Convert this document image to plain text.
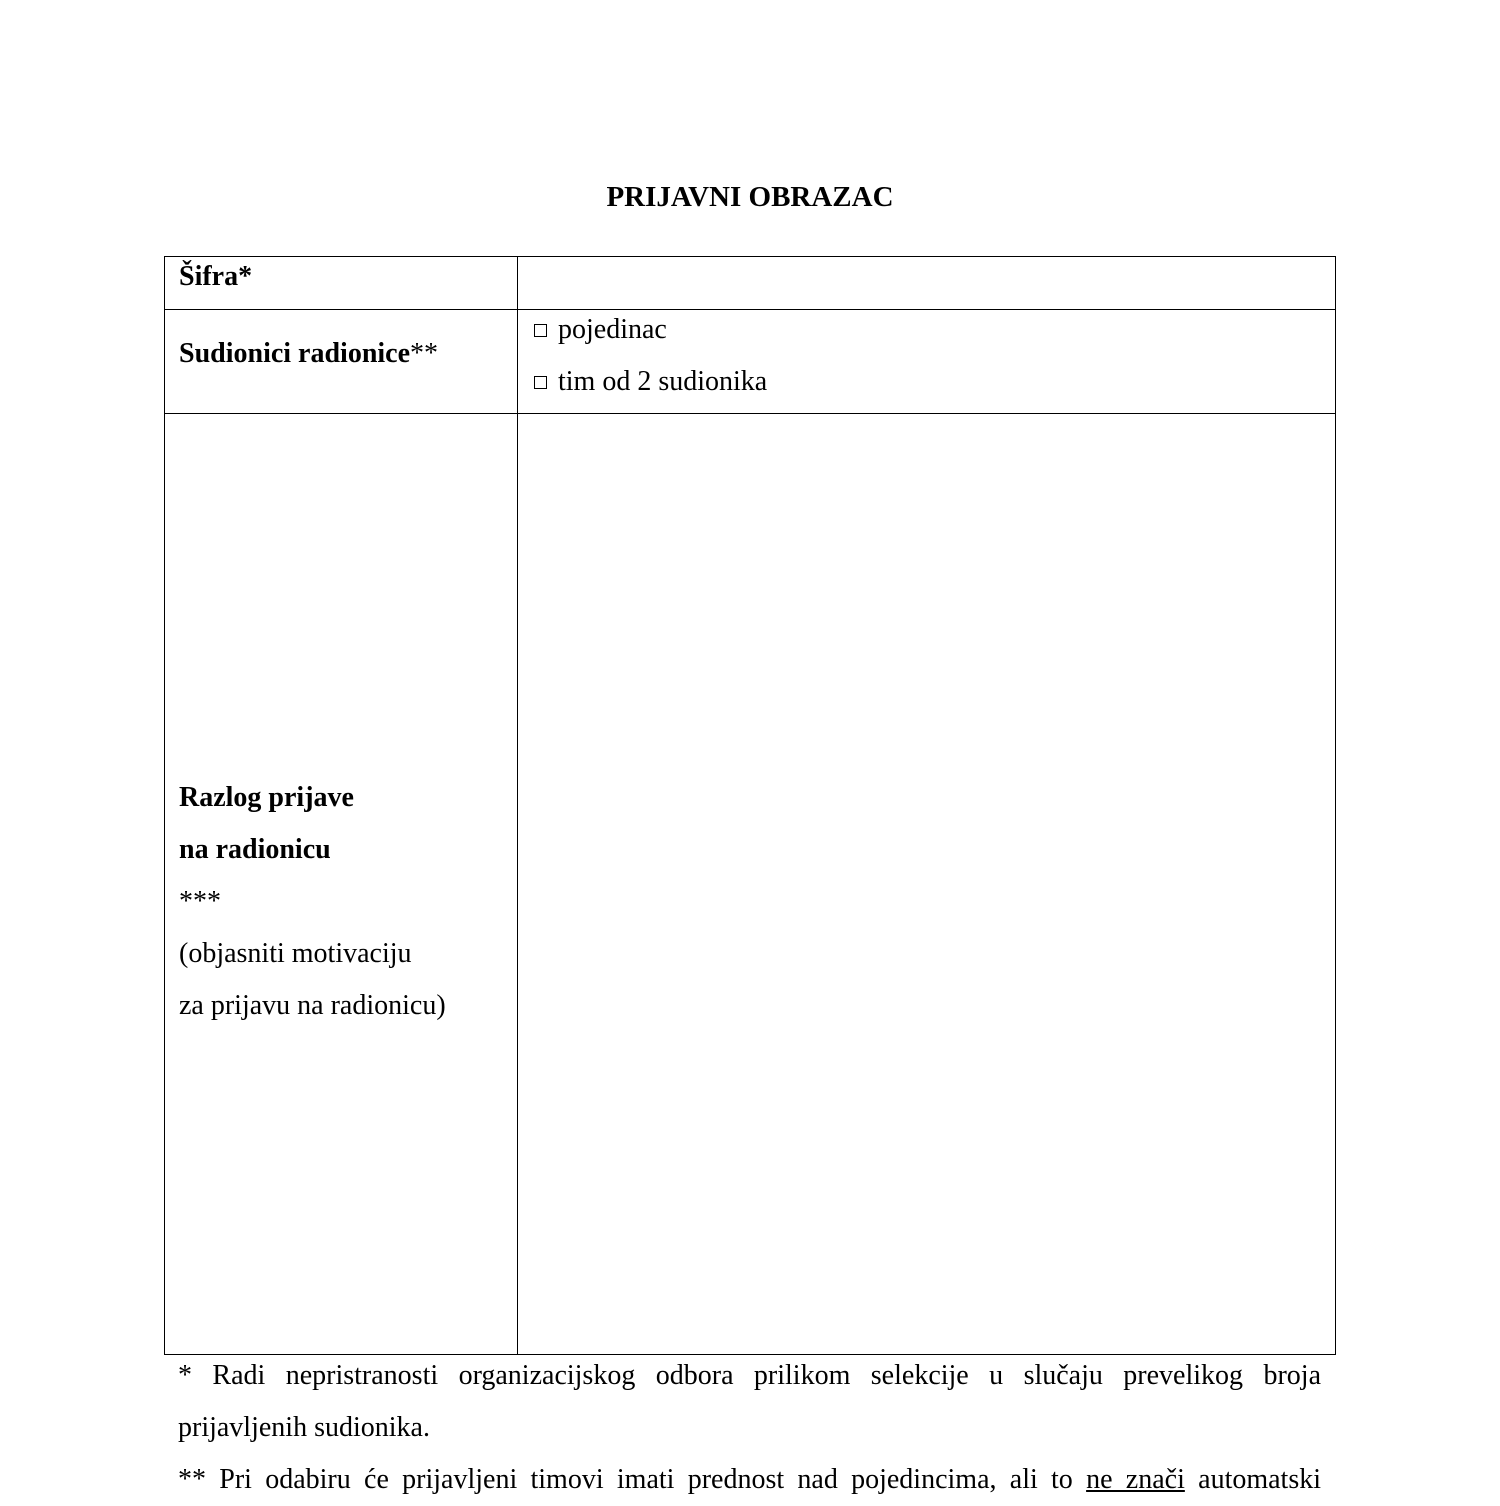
PRIJAVNI OBRAZAC
Šifra*	

Sudionici radionice**	pojedinac
tim od 2 sudionika

Razlog prijave
na radionicu
***
(objasniti motivaciju
za prijavu na radionicu)	

* Radi nepristranosti organizacijskog odbora prilikom selekcije u slučaju prevelikog broja prijavljenih sudionika.

** Pri odabiru će prijavljeni timovi imati prednost nad pojedincima, ali to ne znači automatski
